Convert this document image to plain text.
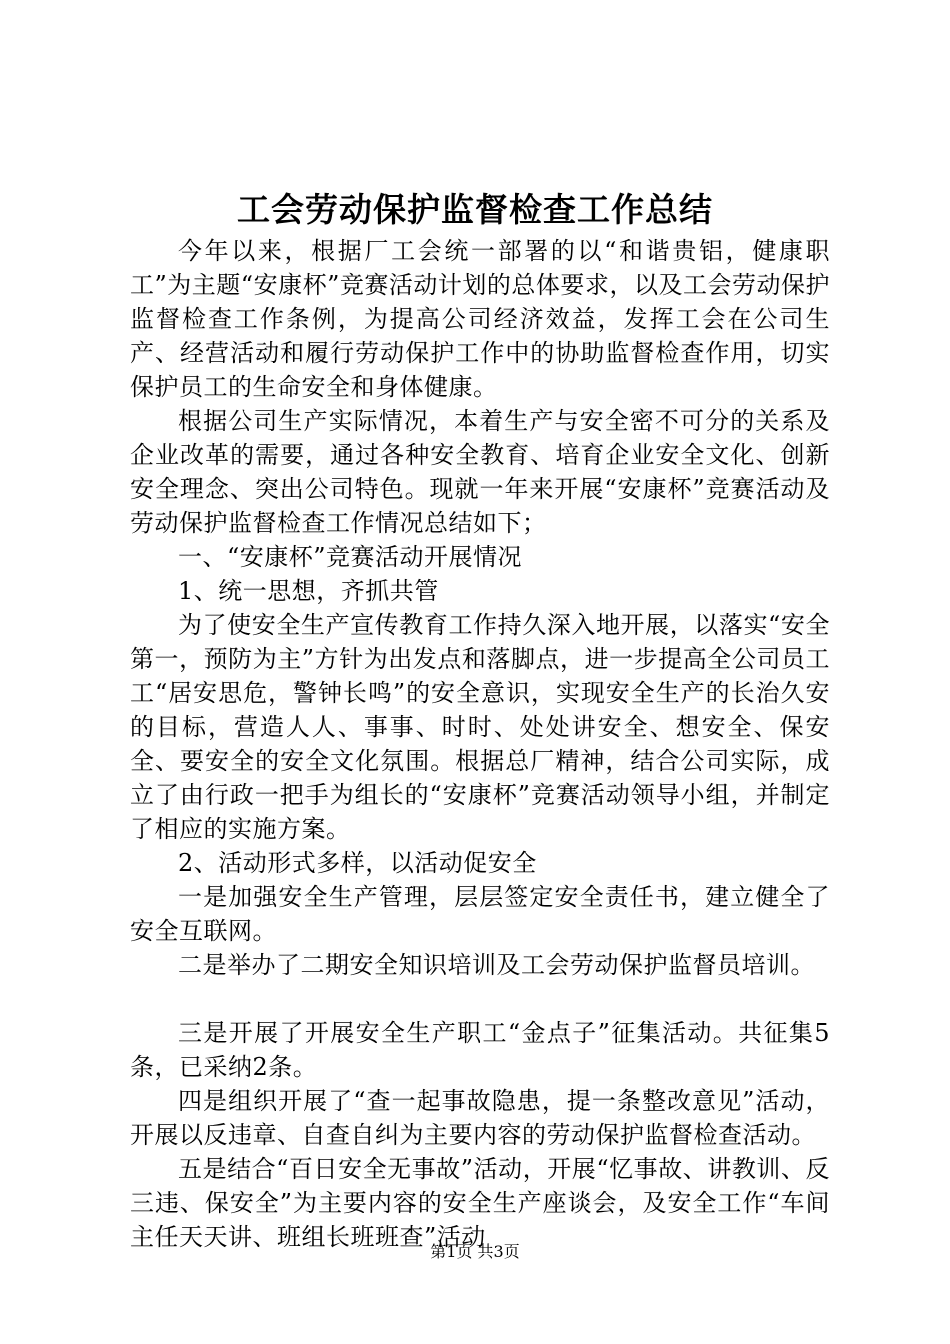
工会劳动保护监督检查工作总结

今年以来，根据厂工会统一部署的以“和谐贵铝，健康职工”为主题“安康杯”竞赛活动计划的总体要求，以及工会劳动保护监督检查工作条例，为提高公司经济效益，发挥工会在公司生产、经营活动和履行劳动保护工作中的协助监督检查作用，切实保护员工的生命安全和身体健康。

根据公司生产实际情况，本着生产与安全密不可分的关系及企业改革的需要，通过各种安全教育、培育企业安全文化、创新安全理念、突出公司特色。现就一年来开展“安康杯”竞赛活动及劳动保护监督检查工作情况总结如下；

一、“安康杯”竞赛活动开展情况

1、统一思想，齐抓共管

为了使安全生产宣传教育工作持久深入地开展，以落实“安全第一，预防为主”方针为出发点和落脚点，进一步提高全公司员工工“居安思危，警钟长鸣”的安全意识，实现安全生产的长治久安的目标，营造人人、事事、时时、处处讲安全、想安全、保安全、要安全的安全文化氛围。根据总厂精神，结合公司实际，成立了由行政一把手为组长的“安康杯”竞赛活动领导小组，并制定了相应的实施方案。

2、活动形式多样，以活动促安全

一是加强安全生产管理，层层签定安全责任书，建立健全了安全互联网。

二是举办了二期安全知识培训及工会劳动保护监督员培训。

三是开展了开展安全生产职工“金点子”征集活动。共征集5条，已采纳2条。

四是组织开展了“查一起事故隐患，提一条整改意见”活动，开展以反违章、自查自纠为主要内容的劳动保护监督检查活动。

五是结合“百日安全无事故”活动，开展“忆事故、讲教训、反三违、保安全”为主要内容的安全生产座谈会，及安全工作“车间主任天天讲、班组长班班查”活动

第1页 共3页
